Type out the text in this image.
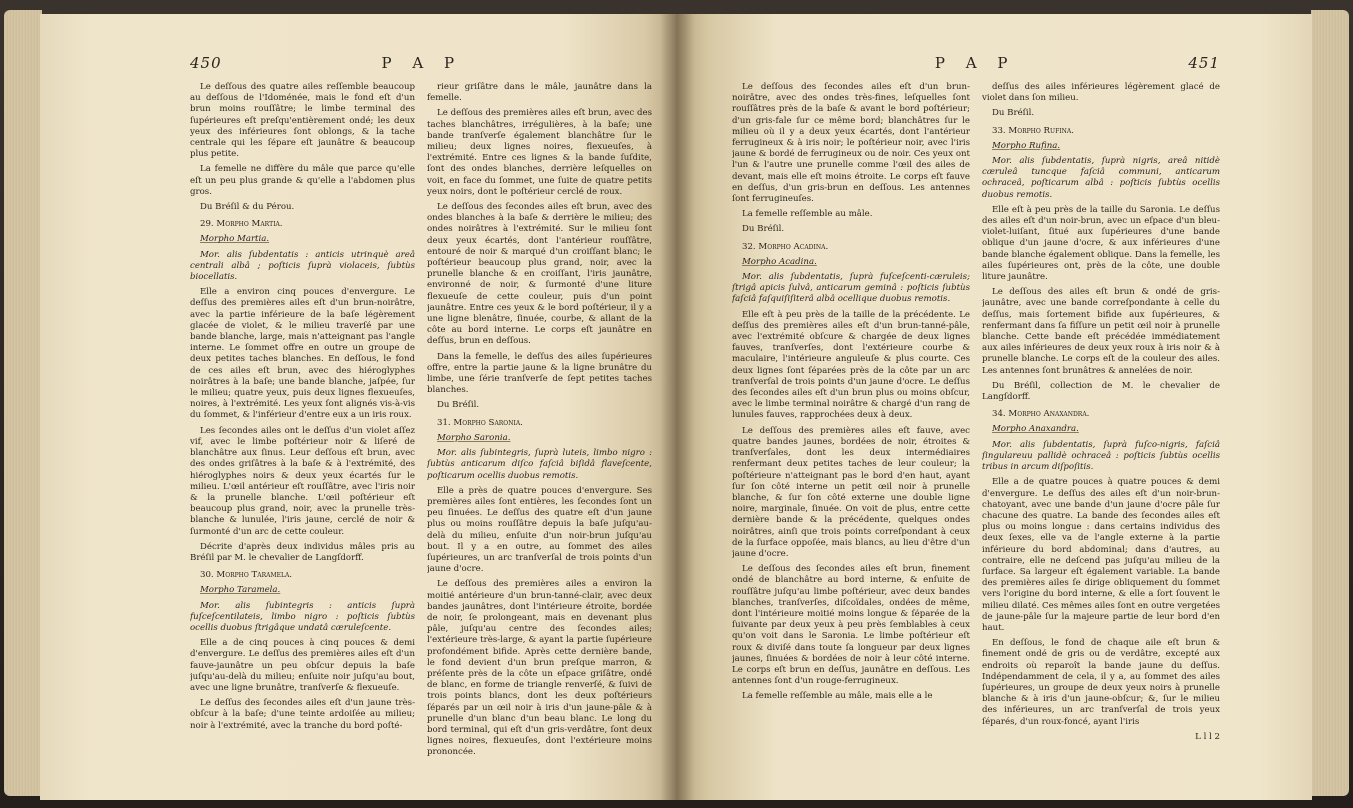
450	P A P

Le deſſous des quatre ailes reſſemble beaucoup au deſſous de l'Idoménée, mais le fond eſt d'un brun moins rouſſâtre; le limbe terminal des ſupérieures eſt preſqu'entièrement ondé; les deux yeux des inférieures ſont oblongs, & la tache centrale qui les ſépare eſt jaunâtre & beaucoup plus petite.

La femelle ne diffère du mâle que parce qu'elle eſt un peu plus grande & qu'elle a l'abdomen plus gros.

Du Bréſil & du Pérou.

29. Morpho Martia.

Morpho Martia.

Mor. alis ſubdentatis : anticis utrinquè areâ centrali albâ ; poſticis ſuprà violaceis, ſubtùs biocellatis.

Elle a environ cinq pouces d'envergure. Le deſſus des premières ailes eſt d'un brun-noirâtre, avec la partie inférieure de la baſe légèrement glacée de violet, & le milieu traverſé par une bande blanche, large, mais n'atteignant pas l'angle interne. Le ſommet offre en outre un groupe de deux petites taches blanches. En deſſous, le fond de ces ailes eſt brun, avec des hiéroglyphes noirâtres à la baſe; une bande blanche, jaſpée, ſur le milieu; quatre yeux, puis deux lignes flexueuſes, noires, à l'extrémité. Les yeux ſont alignés vis-à-vis du ſommet, & l'inférieur d'entre eux a un iris roux.

Les ſecondes ailes ont le deſſus d'un violet aſſez vif, avec le limbe poſtérieur noir & liſeré de blanchâtre aux ſinus. Leur deſſous eſt brun, avec des ondes griſâtres à la baſe & à l'extrémité, des hiéroglyphes noirs & deux yeux écartés ſur le milieu. L'œil antérieur eſt rouſſâtre, avec l'iris noir & la prunelle blanche. L'œil poſtérieur eſt beaucoup plus grand, noir, avec la prunelle très-blanche & lunulée, l'iris jaune, cerclé de noir & ſurmonté d'un arc de cette couleur.

Décrite d'après deux individus mâles pris au Bréſil par M. le chevalier de Langſdorff.

30. Morpho Taramela.

Morpho Taramela.

Mor. alis ſubintegris : anticis ſuprà fuſceſcentilateis, limbo nigro : poſticis ſubtùs ocellis duobus ſtrigâque undatâ cæruleſcente.

Elle a de cinq pouces à cinq pouces & demi d'envergure. Le deſſus des premières ailes eſt d'un fauve-jaunâtre un peu obſcur depuis la baſe juſqu'au-delà du milieu; enſuite noir juſqu'au bout, avec une ligne brunâtre, tranſverſe & flexueuſe.

Le deſſus des ſecondes ailes eſt d'un jaune très-obſcur à la baſe; d'une teinte ardoiſée au milieu; noir à l'extrémité, avec la tranche du bord poſté-

rieur griſâtre dans le mâle, jaunâtre dans la femelle.

Le deſſous des premières ailes eſt brun, avec des taches blanchâtres, irrégulières, à la baſe; une bande tranſverſe également blanchâtre ſur le milieu; deux lignes noires, flexueuſes, à l'extrémité. Entre ces lignes & la bande ſuſdite, ſont des ondes blanches, derrière leſquelles on voit, en face du ſommet, une ſuite de quatre petits yeux noirs, dont le poſtérieur cerclé de roux.

Le deſſous des ſecondes ailes eſt brun, avec des ondes blanches à la baſe & derrière le milieu; des ondes noirâtres à l'extrémité. Sur le milieu ſont deux yeux écartés, dont l'antérieur rouſſâtre, entouré de noir & marqué d'un croiſſant blanc; le poſtérieur beaucoup plus grand, noir, avec la prunelle blanche & en croiſſant, l'iris jaunâtre, environné de noir, & ſurmonté d'une liture flexueuſe de cette couleur, puis d'un point jaunâtre. Entre ces yeux & le bord poſtérieur, il y a une ligne blenâtre, ſinuée, courbe, & allant de la côte au bord interne. Le corps eſt jaunâtre en deſſus, brun en deſſous.

Dans la femelle, le deſſus des ailes ſupérieures offre, entre la partie jaune & la ligne brunâtre du limbe, une ſérie tranſverſe de ſept petites taches blanches.

Du Bréſil.

31. Morpho Saronia.

Morpho Saronia.

Mor. alis ſubintegris, ſuprà luteis, limbo nigro : ſubtùs anticarum diſco faſciâ biſidâ flaveſcente, poſticarum ocellis duobus remotis.

Elle a près de quatre pouces d'envergure. Ses premières ailes ſont entières, les ſecondes ſont un peu ſinuées. Le deſſus des quatre eſt d'un jaune plus ou moins rouſſâtre depuis la baſe juſqu'au-delà du milieu, enſuite d'un noir-brun juſqu'au bout. Il y a en outre, au ſommet des ailes ſupérieures, un arc tranſverſal de trois points d'un jaune d'ocre.

Le deſſous des premières ailes a environ la moitié antérieure d'un brun-tanné-clair, avec deux bandes jaunâtres, dont l'intérieure étroite, bordée de noir, ſe prolongeant, mais en devenant plus pâle, juſqu'au centre des ſecondes ailes; l'extérieure très-large, & ayant la partie ſupérieure profondément bifide. Après cette dernière bande, le fond devient d'un brun preſque marron, & préſente près de la côte un eſpace griſâtre, ondé de blanc, en forme de triangle renverſé, & ſuivi de trois points blancs, dont les deux poſtérieurs ſéparés par un œil noir à iris d'un jaune-pâle & à prunelle d'un blanc d'un beau blanc. Le long du bord terminal, qui eſt d'un gris-verdâtre, ſont deux lignes noires, flexueuſes, dont l'extérieure moins prononcée.

P A P	451

Le deſſous des ſecondes ailes eſt d'un brun-noirâtre, avec des ondes très-fines, leſquelles ſont rouſſâtres près de la baſe & avant le bord poſtérieur; d'un gris-fale ſur ce même bord; blanchâtres ſur le milieu où il y a deux yeux écartés, dont l'antérieur ferrugineux & à iris noir; le poſtérieur noir, avec l'iris jaune & bordé de ferrugineux ou de noir. Ces yeux ont l'un & l'autre une prunelle comme l'œil des ailes de devant, mais elle eſt moins étroite. Le corps eſt fauve en deſſus, d'un gris-brun en deſſous. Les antennes ſont ferrugineuſes.

La femelle reſſemble au mâle.

Du Bréſil.

32. Morpho Acadina.

Morpho Acadina.

Mor. alis ſubdentatis, ſuprà fuſceſcenti-cæruleis; ſtrigâ apicis ſulvâ, anticarum geminâ : poſticis ſubtùs faſciâ faſquiſiſiterâ albâ ocellique duobus remotis.

Elle eſt à peu près de la taille de la précédente. Le deſſus des premières ailes eſt d'un brun-tanné-pâle, avec l'extrémité obſcure & chargée de deux lignes fauves, tranſverſes, dont l'extérieure courbe & maculaire, l'intérieure anguleuſe & plus courte. Ces deux lignes ſont ſéparées près de la côte par un arc tranſverſal de trois points d'un jaune d'ocre. Le deſſus des ſecondes ailes eſt d'un brun plus ou moins obſcur, avec le limbe terminal noirâtre & chargé d'un rang de lunules fauves, rapprochées deux à deux.

Le deſſous des premières ailes eſt fauve, avec quatre bandes jaunes, bordées de noir, étroites & tranſverſales, dont les deux intermédiaires renfermant deux petites taches de leur couleur; la poſtérieure n'atteignant pas le bord d'en haut, ayant ſur ſon côté interne un petit œil noir à prunelle blanche, & ſur ſon côté externe une double ligne noire, marginale, ſinuée. On voit de plus, entre cette dernière bande & la précédente, quelques ondes noirâtres, ainſi que trois points correſpondant à ceux de la ſurface oppoſée, mais blancs, au lieu d'être d'un jaune d'ocre.

Le deſſous des ſecondes ailes eſt brun, finement ondé de blanchâtre au bord interne, & enſuite de rouſſâtre juſqu'au limbe poſtérieur, avec deux bandes blanches, tranſverſes, diſcoïdales, ondées de même, dont l'intérieure moitié moins longue & ſéparée de la ſuivante par deux yeux à peu près ſemblables à ceux qu'on voit dans le Saronia. Le limbe poſtérieur eſt roux & diviſé dans toute ſa longueur par deux lignes jaunes, ſinuées & bordées de noir à leur côté interne. Le corps eſt brun en deſſus, jaunâtre en deſſous. Les antennes ſont d'un rouge-ferrugineux.

La femelle reſſemble au mâle, mais elle a le

deſſus des ailes inférieures légèrement glacé de violet dans ſon milieu.

Du Bréſil.

33. Morpho Rufina.

Morpho Rufina.

Mor. alis ſubdentatis, ſuprà nigris, areâ nitidè cæruleâ tuncque faſciâ communi, anticarum ochraceâ, poſticarum albâ : poſticis ſubtùs ocellis duobus remotis.

Elle eſt à peu près de la taille du Saronia. Le deſſus des ailes eſt d'un noir-brun, avec un eſpace d'un bleu-violet-luiſant, ſitué aux ſupérieures d'une bande oblique d'un jaune d'ocre, & aux inférieures d'une bande blanche également oblique. Dans la femelle, les ailes ſupérieures ont, près de la côte, une double liture jaunâtre.

Le deſſous des ailes eſt brun & ondé de gris-jaunâtre, avec une bande correſpondante à celle du deſſus, mais ſortement bifide aux ſupérieures, & renfermant dans ſa fiſſure un petit œil noir à prunelle blanche. Cette bande eſt précédée immédiatement aux ailes inférieures de deux yeux roux à iris noir & à prunelle blanche. Le corps eſt de la couleur des ailes. Les antennes ſont brunâtres & annelées de noir.

Du Bréſil, collection de M. le chevalier de Langſdorff.

34. Morpho Anaxandra.

Morpho Anaxandra.

Mor. alis ſubdentatis, ſuprà fuſco-nigris, faſciâ ſingulareuu pallidè ochraceâ : poſticis ſubtùs ocellis tribus in arcum diſpoſitis.

Elle a de quatre pouces à quatre pouces & demi d'envergure. Le deſſus des ailes eſt d'un noir-brun-chatoyant, avec une bande d'un jaune d'ocre pâle ſur chacune des quatre. La bande des ſecondes ailes eſt plus ou moins longue : dans certains individus des deux ſexes, elle va de l'angle externe à la partie inférieure du bord abdominal; dans d'autres, au contraire, elle ne deſcend pas juſqu'au milieu de la ſurface. Sa largeur eſt également variable. La bande des premières ailes ſe dirige obliquement du ſommet vers l'origine du bord interne, & elle a ſort ſouvent le milieu dilaté. Ces mêmes ailes ſont en outre vergetées de jaune-pâle ſur la majeure partie de leur bord d'en haut.

En deſſous, le fond de chaque aile eſt brun & finement ondé de gris ou de verdâtre, excepté aux endroits où reparoît la bande jaune du deſſus. Indépendamment de cela, il y a, au ſommet des ailes ſupérieures, un groupe de deux yeux noirs à prunelle blanche & à iris d'un jaune-obſcur; &, ſur le milieu des inférieures, un arc tranſverſal de trois yeux ſéparés, d'un roux-foncé, ayant l'iris

L l l 2
